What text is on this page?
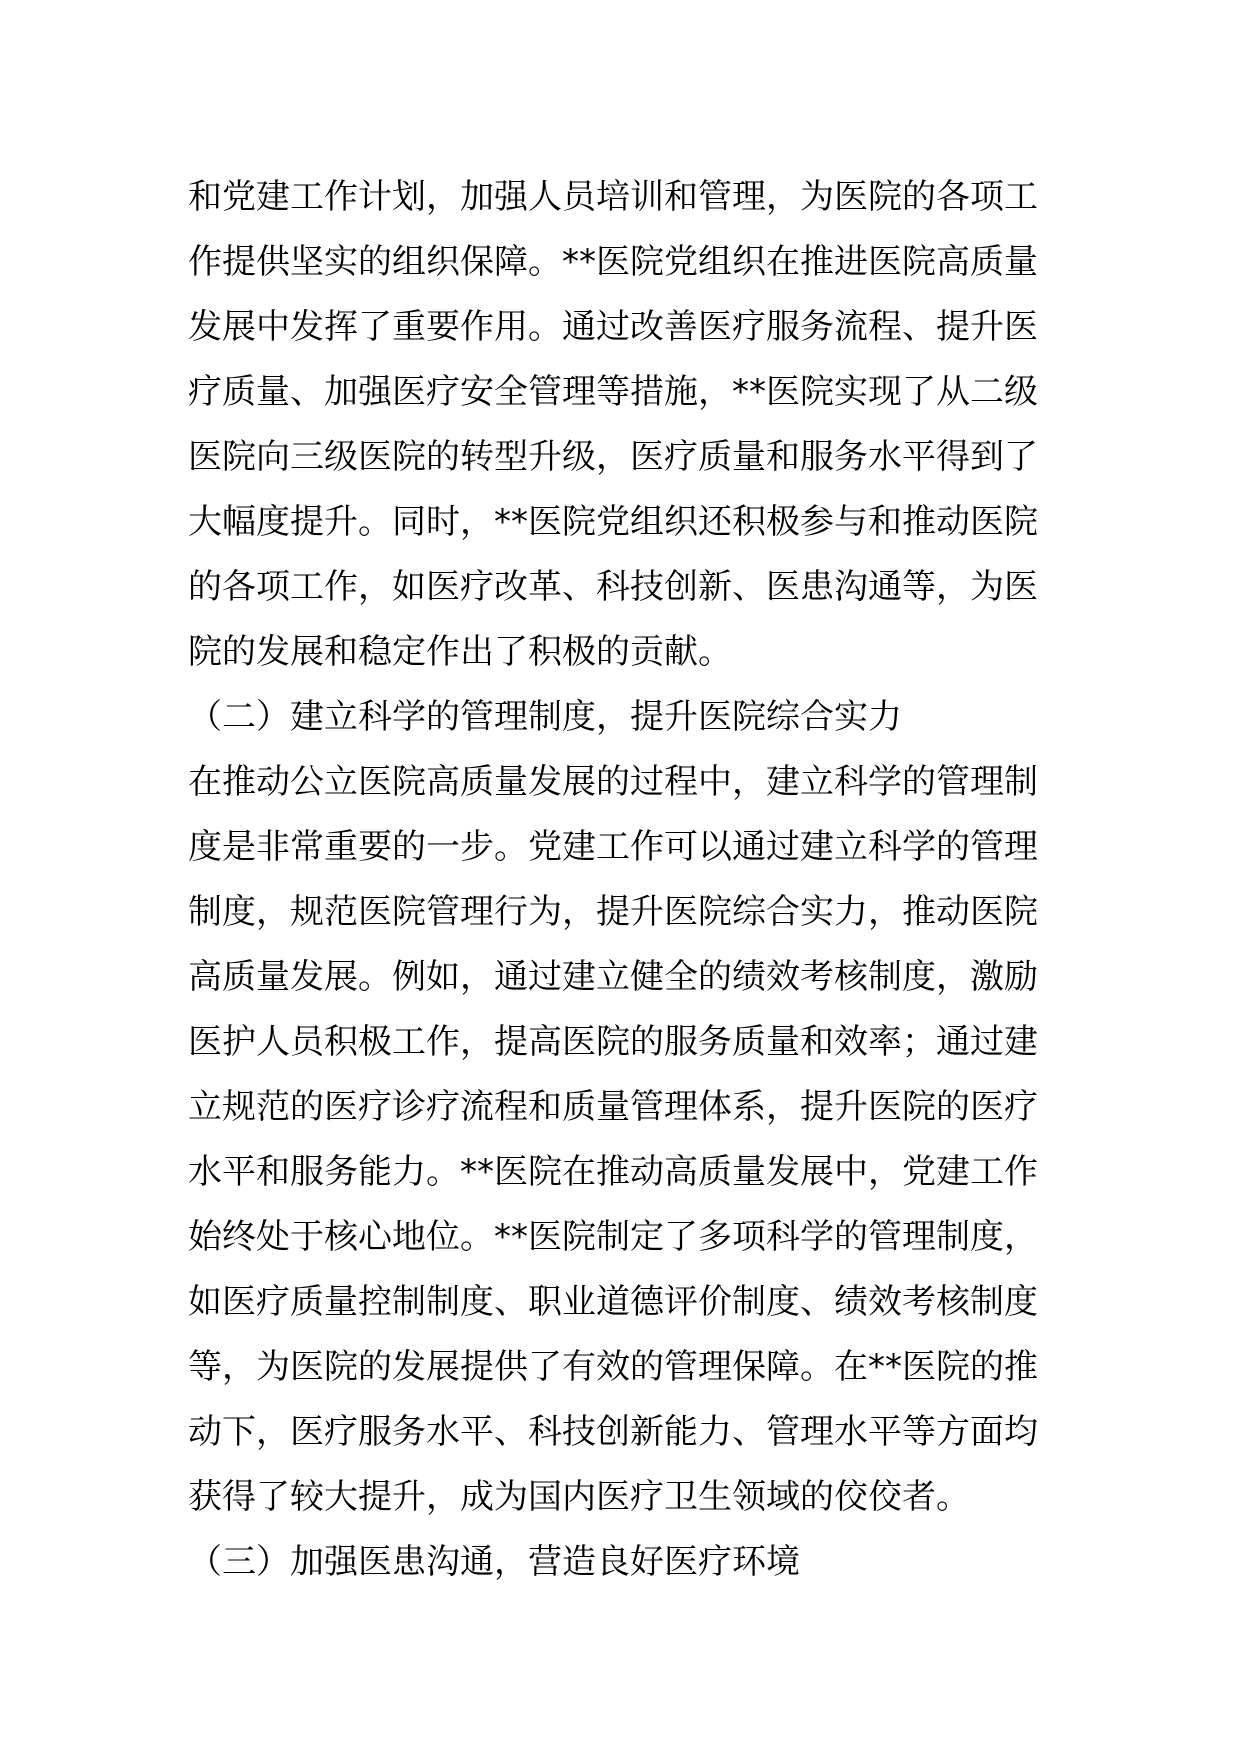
和党建工作计划，加强人员培训和管理，为医院的各项工
作提供坚实的组织保障。**医院党组织在推进医院高质量
发展中发挥了重要作用。通过改善医疗服务流程、提升医
疗质量、加强医疗安全管理等措施，**医院实现了从二级
医院向三级医院的转型升级，医疗质量和服务水平得到了
大幅度提升。同时，**医院党组织还积极参与和推动医院
的各项工作，如医疗改革、科技创新、医患沟通等，为医
院的发展和稳定作出了积极的贡献。
（二）建立科学的管理制度，提升医院综合实力
在推动公立医院高质量发展的过程中，建立科学的管理制
度是非常重要的一步。党建工作可以通过建立科学的管理
制度，规范医院管理行为，提升医院综合实力，推动医院
高质量发展。例如，通过建立健全的绩效考核制度，激励
医护人员积极工作，提高医院的服务质量和效率；通过建
立规范的医疗诊疗流程和质量管理体系，提升医院的医疗
水平和服务能力。**医院在推动高质量发展中，党建工作
始终处于核心地位。**医院制定了多项科学的管理制度，
如医疗质量控制制度、职业道德评价制度、绩效考核制度
等，为医院的发展提供了有效的管理保障。在**医院的推
动下，医疗服务水平、科技创新能力、管理水平等方面均
获得了较大提升，成为国内医疗卫生领域的佼佼者。
（三）加强医患沟通，营造良好医疗环境
